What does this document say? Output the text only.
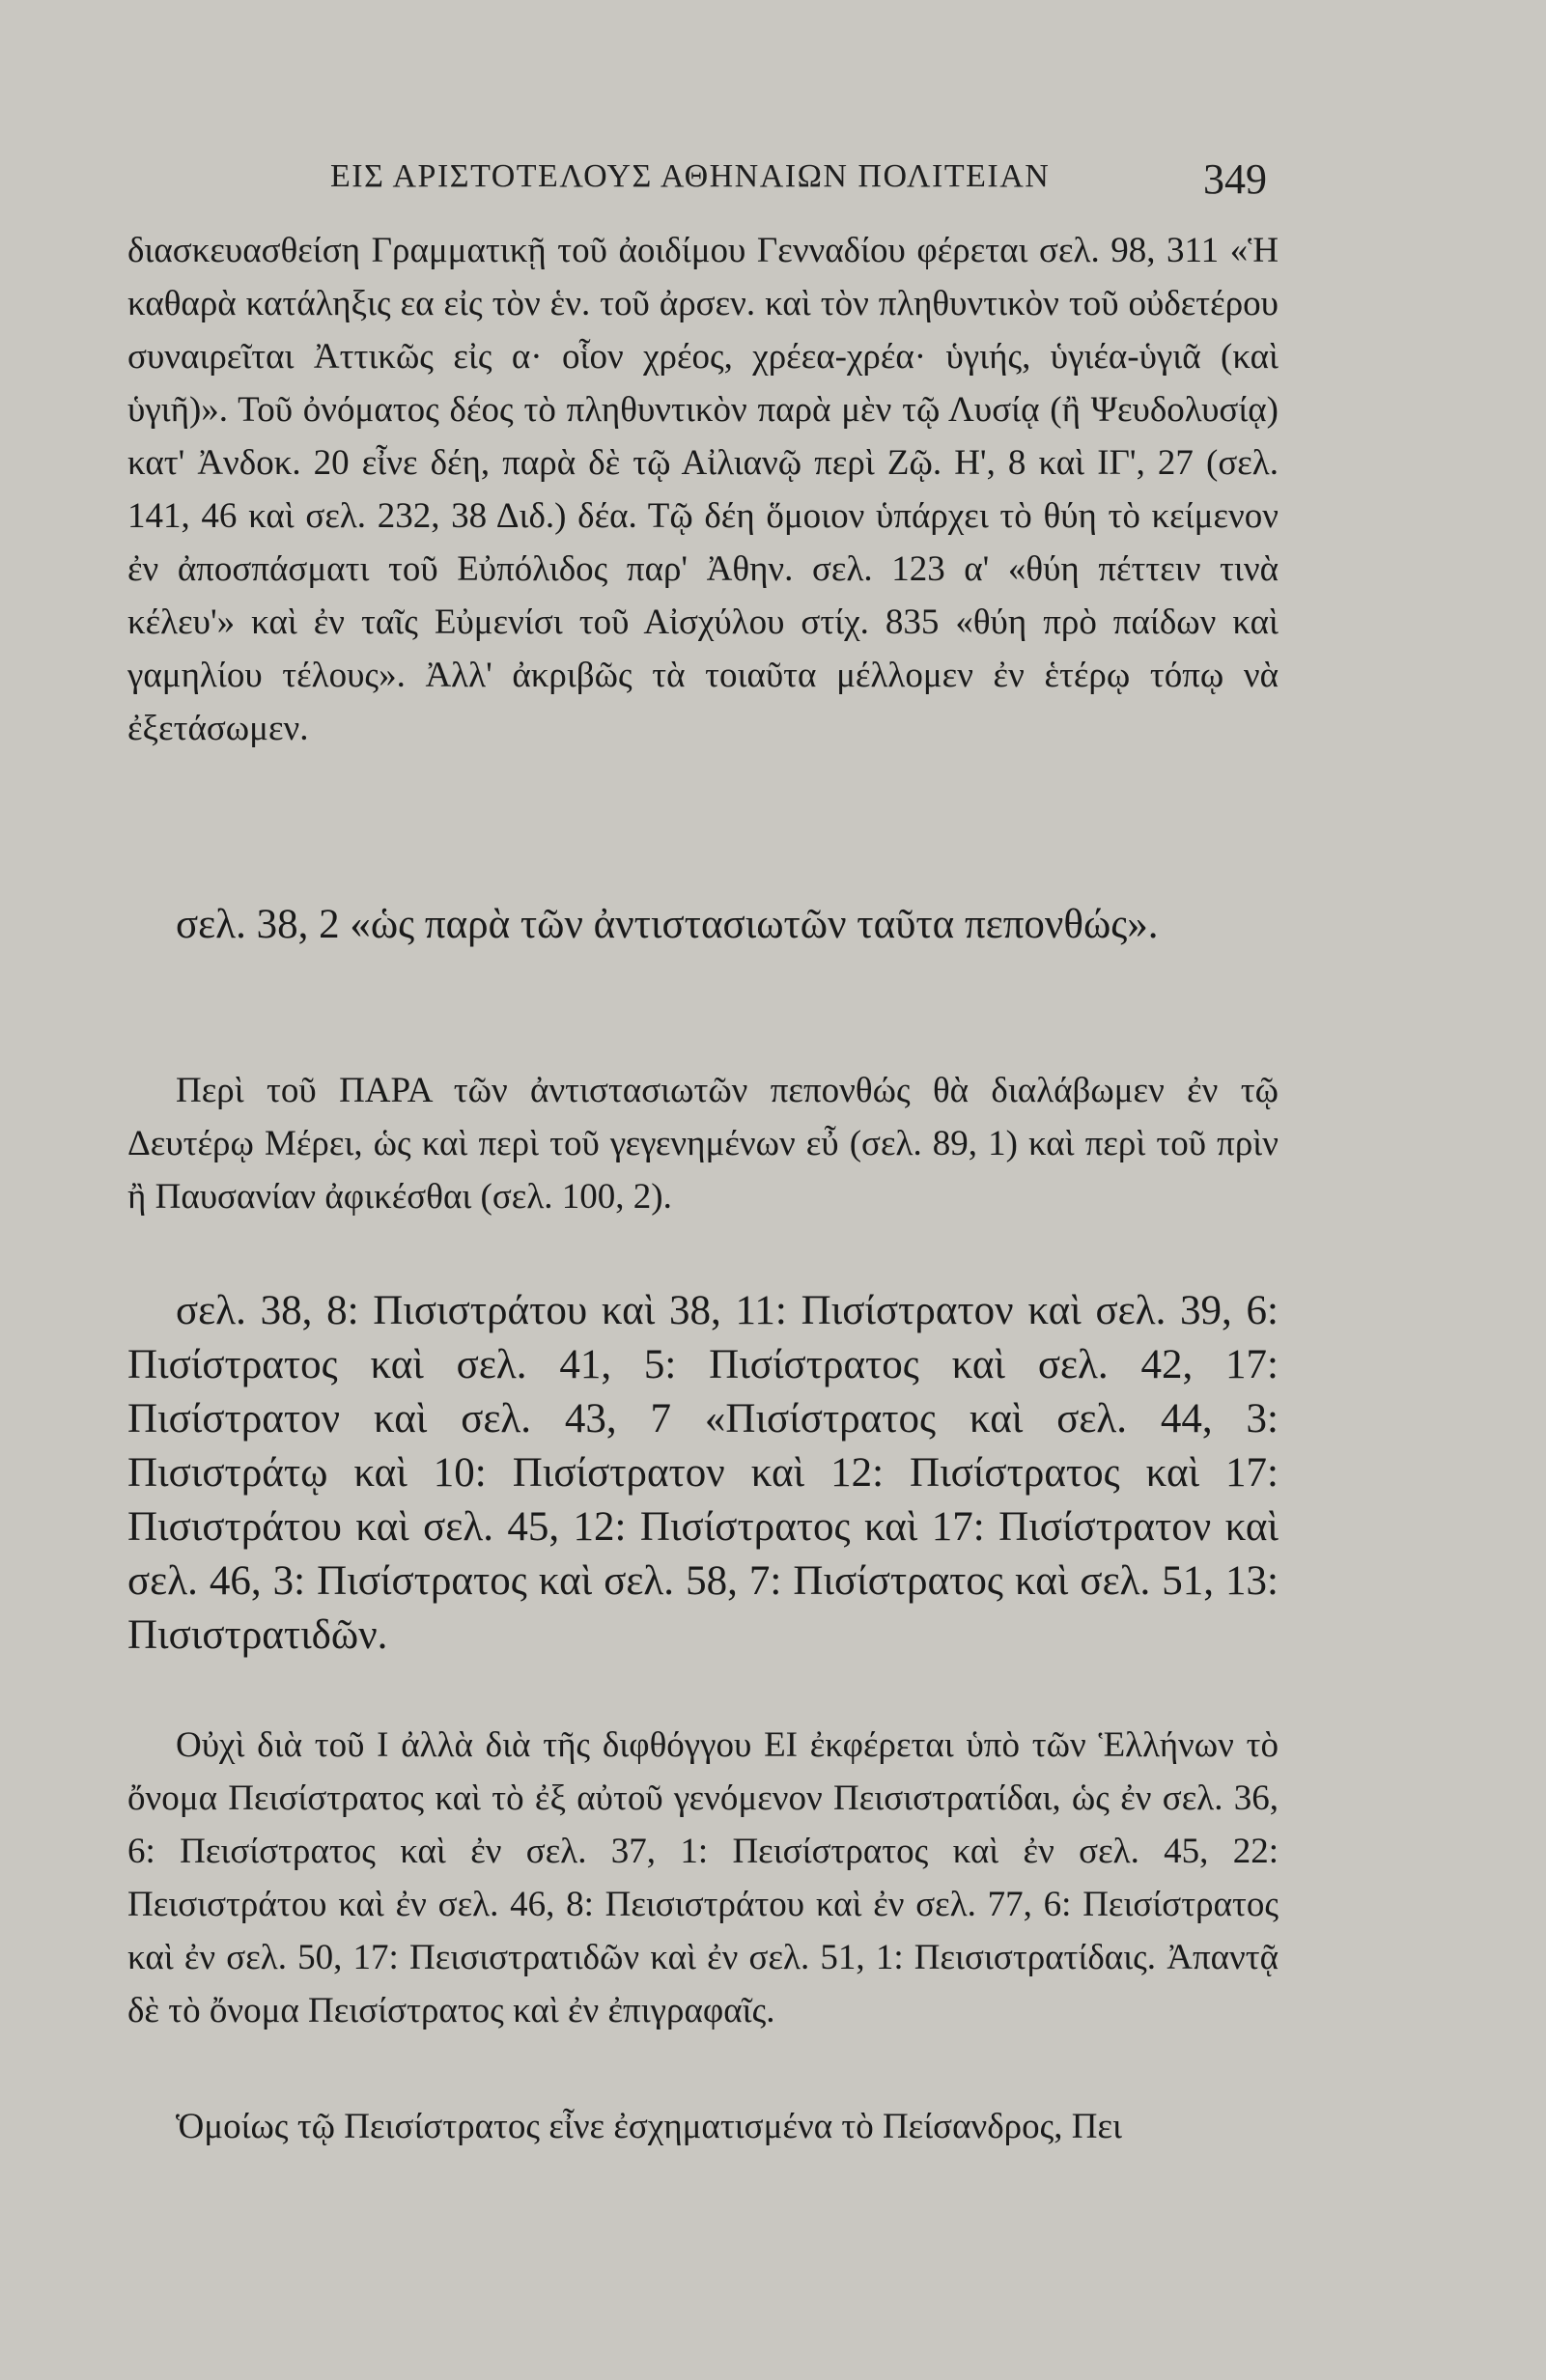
ΕΙΣ ΑΡΙΣΤΟΤΕΛΟΥΣ ΑΘΗΝΑΙΩΝ ΠΟΛΙΤΕΙΑΝ	349

διασκευασθείση Γραμματικῇ τοῦ ἀοιδίμου Γενναδίου φέρεται σελ. 98, 311 «Ἡ καθαρὰ κατάληξις εα εἰς τὸν ἑν. τοῦ ἀρσεν. καὶ τὸν πληθυντικὸν τοῦ οὐδετέρου συναιρεῖται Ἀττικῶς εἰς α· οἷον χρέος, χρέεα-χρέα· ὑγιής, ὑγιέα-ὑγιᾶ (καὶ ὑγιῆ)». Τοῦ ὀνόματος δέος τὸ πληθυντικὸν παρὰ μὲν τῷ Λυσίᾳ (ἢ Ψευδολυσίᾳ) κατ' Ἀνδοκ. 20 εἶνε δέη, παρὰ δὲ τῷ Αἰλιανῷ περὶ Ζῷ. Η', 8 καὶ ΙΓ', 27 (σελ. 141, 46 καὶ σελ. 232, 38 Διδ.) δέα. Τῷ δέη ὅμοιον ὑπάρχει τὸ θύη τὸ κείμενον ἐν ἀποσπάσματι τοῦ Εὐπόλιδος παρ' Ἀθην. σελ. 123 α' «θύη πέττειν τινὰ κέλευ'» καὶ ἐν ταῖς Εὐμενίσι τοῦ Αἰσχύλου στίχ. 835 «θύη πρὸ παίδων καὶ γαμηλίου τέλους». Ἀλλ' ἀκριβῶς τὰ τοιαῦτα μέλλομεν ἐν ἑτέρῳ τόπῳ νὰ ἐξετάσωμεν.

σελ. 38, 2 «ὡς παρὰ τῶν ἀντιστασιωτῶν ταῦτα πεπονθώς».

Περὶ τοῦ ΠΑΡΑ τῶν ἀντιστασιωτῶν πεπονθώς θὰ διαλάβωμεν ἐν τῷ Δευτέρῳ Μέρει, ὡς καὶ περὶ τοῦ γεγενημένων εὖ (σελ. 89, 1) καὶ περὶ τοῦ πρὶν ἢ Παυσανίαν ἀφικέσθαι (σελ. 100, 2).

σελ. 38, 8: Πισιστράτου καὶ 38, 11: Πισίστρατον καὶ σελ. 39, 6: Πισίστρατος καὶ σελ. 41, 5: Πισίστρατος καὶ σελ. 42, 17: Πισίστρατον καὶ σελ. 43, 7 «Πισίστρατος καὶ σελ. 44, 3: Πισιστράτῳ καὶ 10: Πισίστρατον καὶ 12: Πισίστρατος καὶ 17: Πισιστράτου καὶ σελ. 45, 12: Πισίστρατος καὶ 17: Πισίστρατον καὶ σελ. 46, 3: Πισίστρατος καὶ σελ. 58, 7: Πισίστρατος καὶ σελ. 51, 13: Πισιστρατιδῶν.

Οὐχὶ διὰ τοῦ Ι ἀλλὰ διὰ τῆς διφθόγγου ΕΙ ἐκφέρεται ὑπὸ τῶν Ἑλλήνων τὸ ὄνομα Πεισίστρατος καὶ τὸ ἐξ αὐτοῦ γενόμενον Πεισιστρατίδαι, ὡς ἐν σελ. 36, 6: Πεισίστρατος καὶ ἐν σελ. 37, 1: Πεισίστρατος καὶ ἐν σελ. 45, 22: Πεισιστράτου καὶ ἐν σελ. 46, 8: Πεισιστράτου καὶ ἐν σελ. 77, 6: Πεισίστρατος καὶ ἐν σελ. 50, 17: Πεισιστρατιδῶν καὶ ἐν σελ. 51, 1: Πεισιστρατίδαις. Ἀπαντᾷ δὲ τὸ ὄνομα Πεισίστρατος καὶ ἐν ἐπιγραφαῖς.

Ὁμοίως τῷ Πεισίστρατος εἶνε ἐσχηματισμένα τὸ Πείσανδρος, Πει
